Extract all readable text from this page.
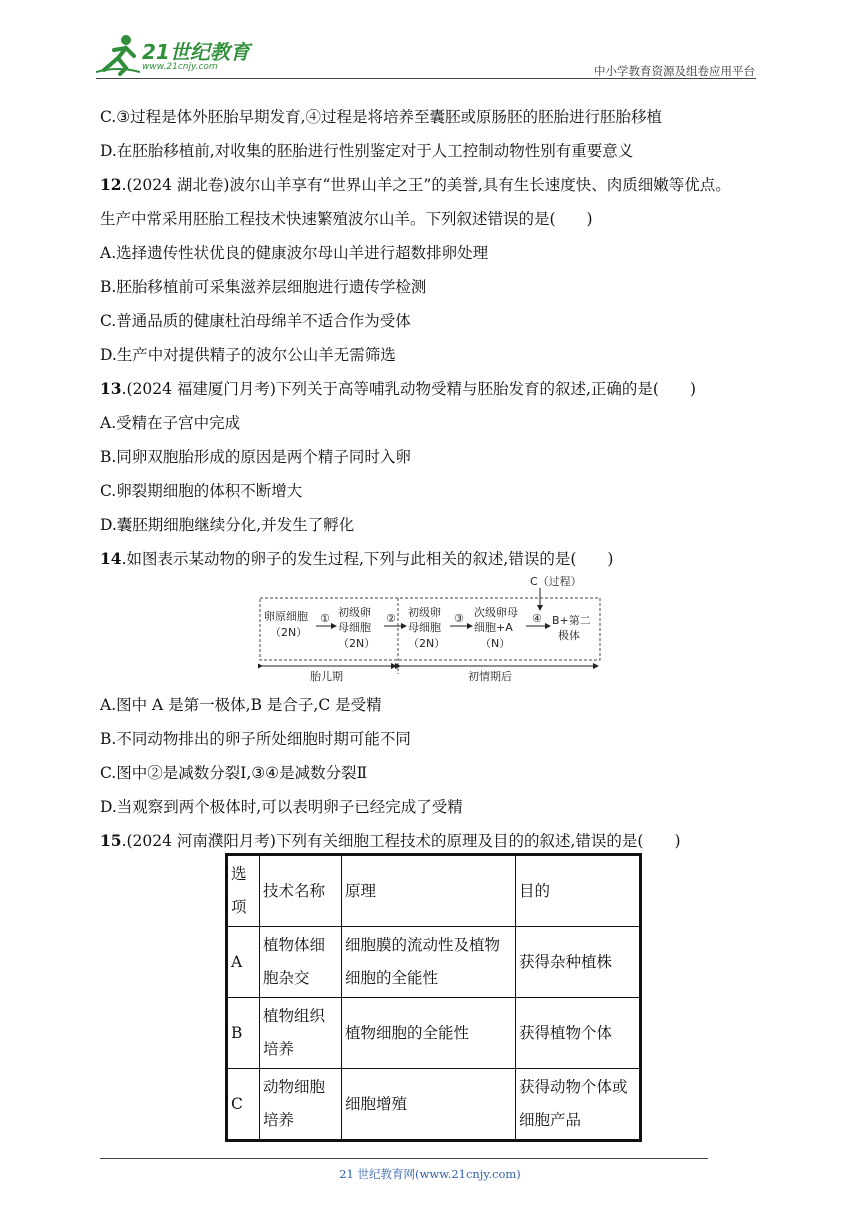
21世纪教育
www.21cnjy.com	中小学教育资源及组卷应用平台
C.③过程是体外胚胎早期发育,④过程是将培养至囊胚或原肠胚的胚胎进行胚胎移植
D.在胚胎移植前,对收集的胚胎进行性别鉴定对于人工控制动物性别有重要意义
12.(2024 湖北卷)波尔山羊享有“世界山羊之王”的美誉,具有生长速度快、肉质细嫩等优点。
生产中常采用胚胎工程技术快速繁殖波尔山羊。下列叙述错误的是(　　)
A.选择遗传性状优良的健康波尔母山羊进行超数排卵处理
B.胚胎移植前可采集滋养层细胞进行遗传学检测
C.普通品质的健康杜泊母绵羊不适合作为受体
D.生产中对提供精子的波尔公山羊无需筛选
13.(2024 福建厦门月考)下列关于高等哺乳动物受精与胚胎发育的叙述,正确的是(　　)
A.受精在子宫中完成
B.同卵双胞胎形成的原因是两个精子同时入卵
C.卵裂期细胞的体积不断增大
D.囊胚期细胞继续分化,并发生了孵化
14.如图表示某动物的卵子的发生过程,下列与此相关的叙述,错误的是(　　)
A.图中 A 是第一极体,B 是合子,C 是受精
B.不同动物排出的卵子所处细胞时期可能不同
C.图中②是减数分裂Ⅰ,③④是减数分裂Ⅱ
D.当观察到两个极体时,可以表明卵子已经完成了受精
15.(2024 河南濮阳月考)下列有关细胞工程技术的原理及目的的叙述,错误的是(　　)
C（过程）
卵原细胞
（2N）
① 初级卵
母细胞
（2N）
② 初级卵
母细胞
（2N）
③ 次级卵母
细胞+A
（N）
④ B+第二
极体
胎儿期	初情期后
选项	技术名称	原理	目的
A	植物体细胞杂交	细胞膜的流动性及植物细胞的全能性	获得杂种植株
B	植物组织培养	植物细胞的全能性	获得植物个体
C	动物细胞培养	细胞增殖	获得动物个体或细胞产品
21 世纪教育网(www.21cnjy.com)
